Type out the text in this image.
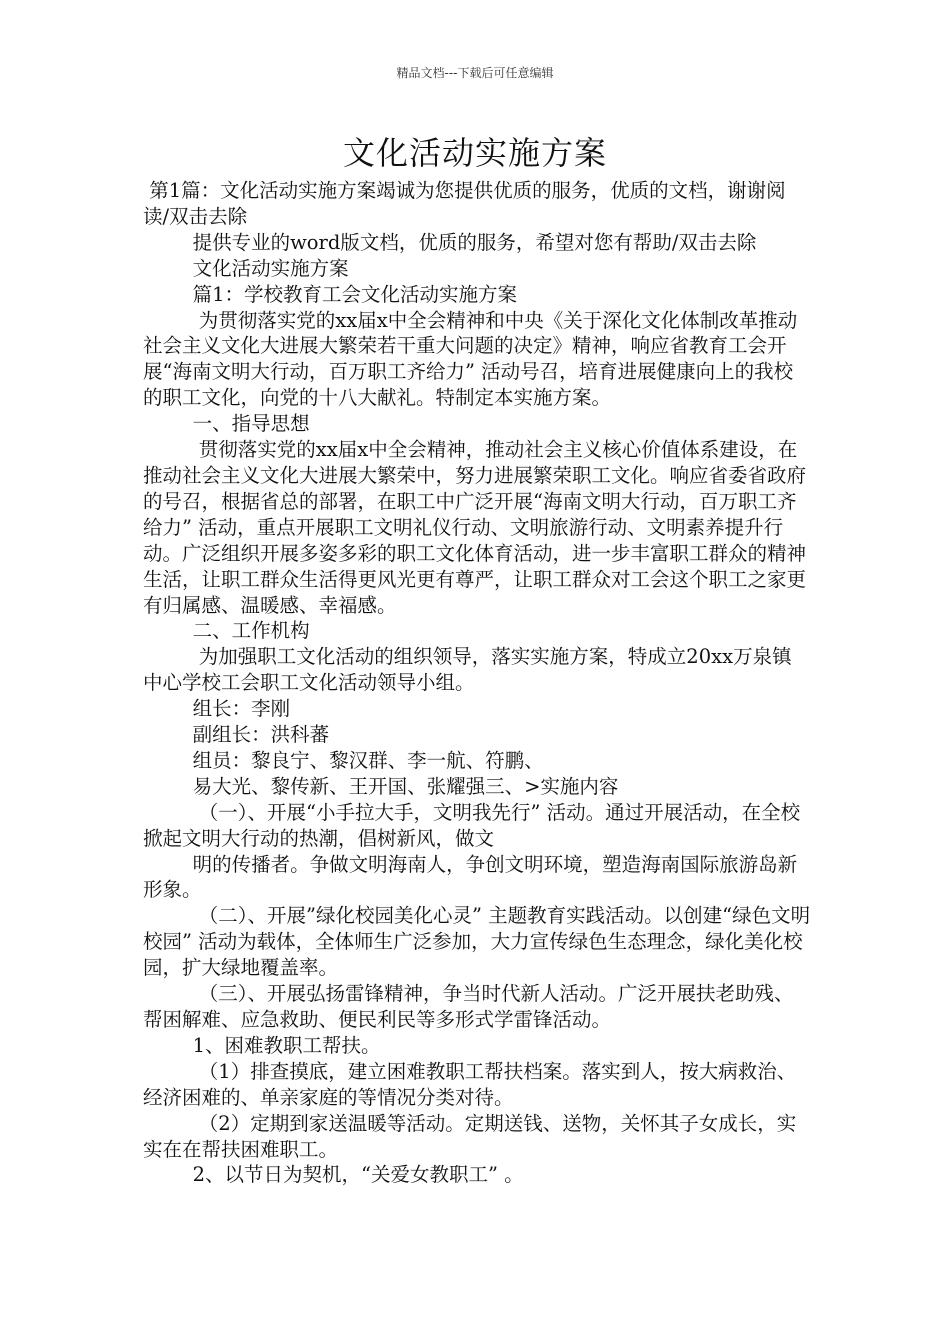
精品文档---下载后可任意编辑
文化活动实施方案

第1篇：文化活动实施方案竭诚为您提供优质的服务，优质的文档，谢谢阅读/双击去除

提供专业的word版文档，优质的服务，希望对您有帮助/双击去除

文化活动实施方案

篇1：学校教育工会文化活动实施方案

为贯彻落实党的xx届x中全会精神和中央《关于深化文化体制改革推动社会主义文化大进展大繁荣若干重大问题的决定》精神，响应省教育工会开展“海南文明大行动，百万职工齐给力” 活动号召，培育进展健康向上的我校的职工文化，向党的十八大献礼。特制定本实施方案。

一、指导思想

贯彻落实党的xx届x中全会精神，推动社会主义核心价值体系建设，在推动社会主义文化大进展大繁荣中，努力进展繁荣职工文化。响应省委省政府的号召，根据省总的部署，在职工中广泛开展“海南文明大行动，百万职工齐给力” 活动，重点开展职工文明礼仪行动、文明旅游行动、文明素养提升行动。广泛组织开展多姿多彩的职工文化体育活动，进一步丰富职工群众的精神生活，让职工群众生活得更风光更有尊严，让职工群众对工会这个职工之家更有归属感、温暖感、幸福感。

二、工作机构

为加强职工文化活动的组织领导，落实实施方案，特成立20xx万泉镇中心学校工会职工文化活动领导小组。

组长：李刚

副组长：洪科蕃

组员：黎良宁、黎汉群、李一航、符鹏、

易大光、黎传新、王开国、张耀强三、>实施内容

（一）、开展“小手拉大手，文明我先行” 活动。通过开展活动，在全校掀起文明大行动的热潮，倡树新风，做文

明的传播者。争做文明海南人，争创文明环境，塑造海南国际旅游岛新形象。

（二）、开展”绿化校园美化心灵” 主题教育实践活动。以创建“绿色文明校园” 活动为载体，全体师生广泛参加，大力宣传绿色生态理念，绿化美化校园，扩大绿地覆盖率。

（三）、开展弘扬雷锋精神，争当时代新人活动。广泛开展扶老助残、帮困解难、应急救助、便民利民等多形式学雷锋活动。

1、困难教职工帮扶。

（1）排查摸底，建立困难教职工帮扶档案。落实到人，按大病救治、经济困难的、单亲家庭的等情况分类对待。

（2）定期到家送温暖等活动。定期送钱、送物，关怀其子女成长，实实在在帮扶困难职工。

2、以节日为契机，“关爱女教职工” 。
